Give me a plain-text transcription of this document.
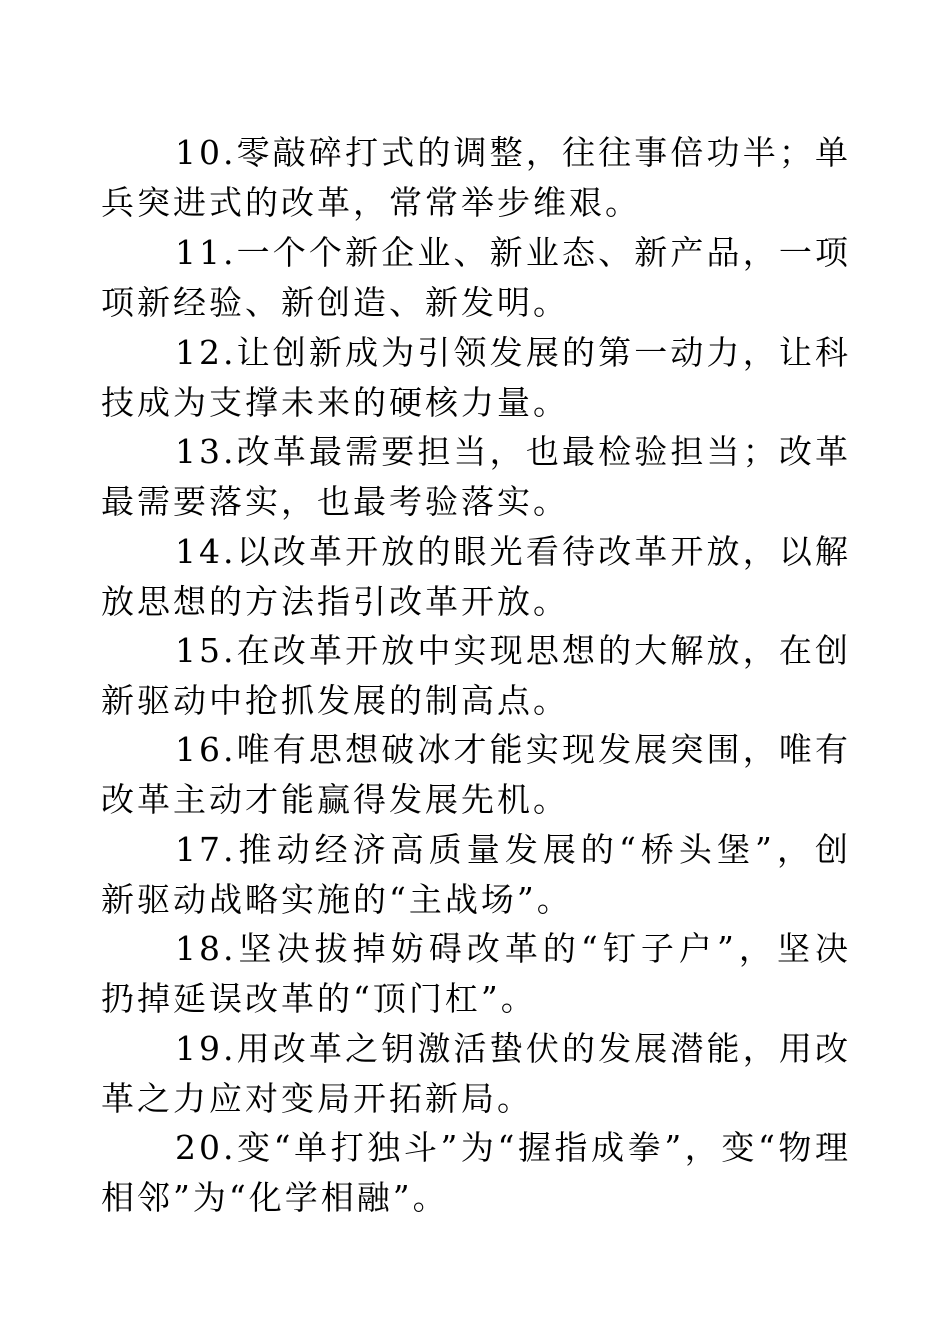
10.零敲碎打式的调整，往往事倍功半；单兵突进式的改革，常常举步维艰。

11.一个个新企业、新业态、新产品，一项项新经验、新创造、新发明。

12.让创新成为引领发展的第一动力，让科技成为支撑未来的硬核力量。

13.改革最需要担当，也最检验担当；改革最需要落实，也最考验落实。

14.以改革开放的眼光看待改革开放，以解放思想的方法指引改革开放。

15.在改革开放中实现思想的大解放，在创新驱动中抢抓发展的制高点。

16.唯有思想破冰才能实现发展突围，唯有改革主动才能赢得发展先机。

17.推动经济高质量发展的“桥头堡”，创新驱动战略实施的“主战场”。

18.坚决拔掉妨碍改革的“钉子户”，坚决扔掉延误改革的“顶门杠”。

19.用改革之钥激活蛰伏的发展潜能，用改革之力应对变局开拓新局。

20.变“单打独斗”为“握指成拳”，变“物理相邻”为“化学相融”。
